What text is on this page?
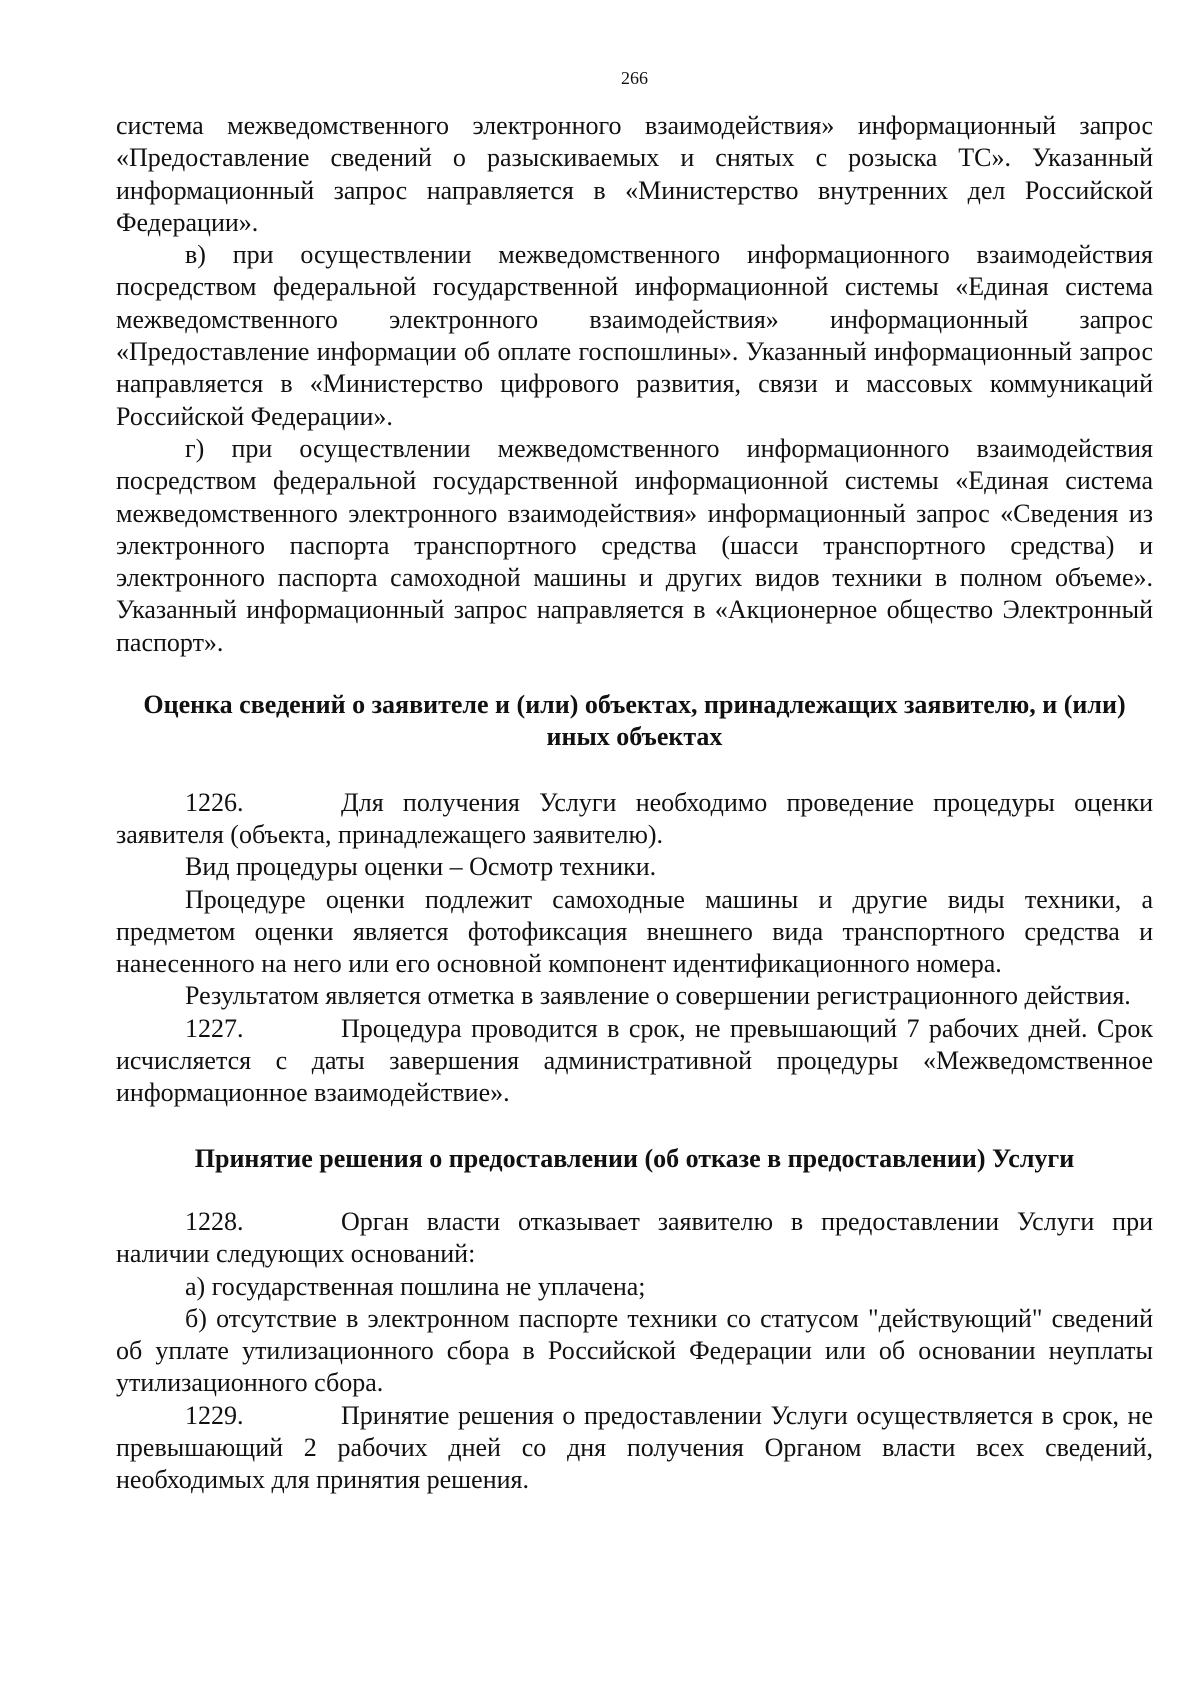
266

система межведомственного электронного взаимодействия» информационный запрос «Предоставление сведений о разыскиваемых и снятых с розыска ТС». Указанный информационный запрос направляется в «Министерство внутренних дел Российской Федерации».

в) при осуществлении межведомственного информационного взаимодействия посредством федеральной государственной информационной системы «Единая система межведомственного электронного взаимодействия» информационный запрос «Предоставление информации об оплате госпошлины». Указанный информационный запрос направляется в «Министерство цифрового развития, связи и массовых коммуникаций Российской Федерации».

г) при осуществлении межведомственного информационного взаимодействия посредством федеральной государственной информационной системы «Единая система межведомственного электронного взаимодействия» информационный запрос «Сведения из электронного паспорта транспортного средства (шасси транспортного средства) и электронного паспорта самоходной машины и других видов техники в полном объеме». Указанный информационный запрос направляется в «Акционерное общество Электронный паспорт».

Оценка сведений о заявителе и (или) объектах, принадлежащих заявителю, и (или) иных объектах

1226.	Для получения Услуги необходимо проведение процедуры оценки заявителя (объекта, принадлежащего заявителю).

Вид процедуры оценки – Осмотр техники.

Процедуре оценки подлежит самоходные машины и другие виды техники, а предметом оценки является фотофиксация внешнего вида транспортного средства и нанесенного на него или его основной компонент идентификационного номера.

Результатом является отметка в заявление о совершении регистрационного действия.

1227.	Процедура проводится в срок, не превышающий 7 рабочих дней. Срок исчисляется с даты завершения административной процедуры «Межведомственное информационное взаимодействие».

Принятие решения о предоставлении (об отказе в предоставлении) Услуги

1228.	Орган власти отказывает заявителю в предоставлении Услуги при наличии следующих оснований:

а) государственная пошлина не уплачена;

б) отсутствие в электронном паспорте техники со статусом "действующий" сведений об уплате утилизационного сбора в Российской Федерации или об основании неуплаты утилизационного сбора.

1229.	Принятие решения о предоставлении Услуги осуществляется в срок, не превышающий 2 рабочих дней со дня получения Органом власти всех сведений, необходимых для принятия решения.
